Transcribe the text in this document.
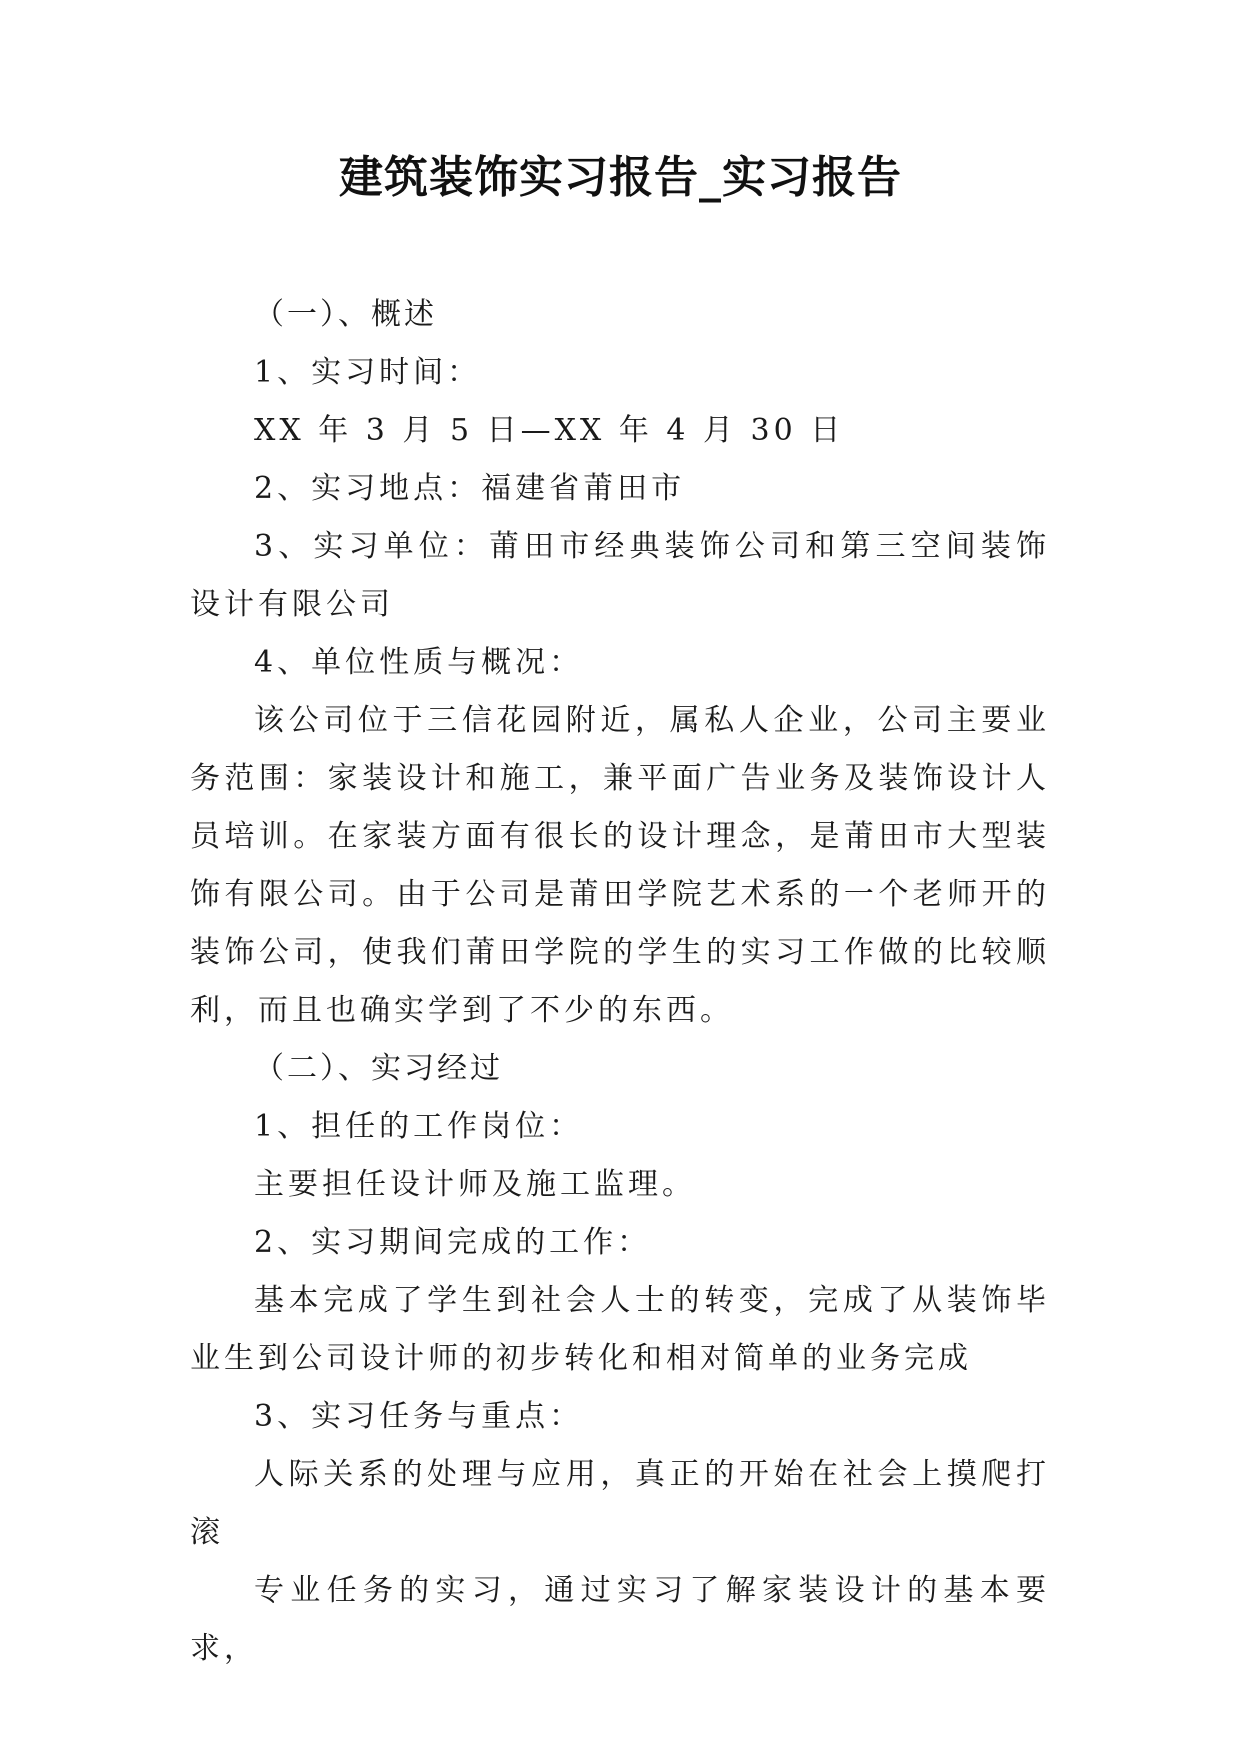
建筑装饰实习报告_实习报告

（一）、概述

1、实习时间：

XX 年 3 月 5 日—XX 年 4 月 30 日

2、实习地点：福建省莆田市

3、实习单位：莆田市经典装饰公司和第三空间装饰设计有限公司

4、单位性质与概况：

该公司位于三信花园附近，属私人企业，公司主要业务范围：家装设计和施工，兼平面广告业务及装饰设计人员培训。在家装方面有很长的设计理念，是莆田市大型装饰有限公司。由于公司是莆田学院艺术系的一个老师开的装饰公司，使我们莆田学院的学生的实习工作做的比较顺利，而且也确实学到了不少的东西。

（二）、实习经过

1、担任的工作岗位：

主要担任设计师及施工监理。

2、实习期间完成的工作：

基本完成了学生到社会人士的转变，完成了从装饰毕业生到公司设计师的初步转化和相对简单的业务完成

3、实习任务与重点：

人际关系的处理与应用，真正的开始在社会上摸爬打滚

专业任务的实习，通过实习了解家装设计的基本要求，
